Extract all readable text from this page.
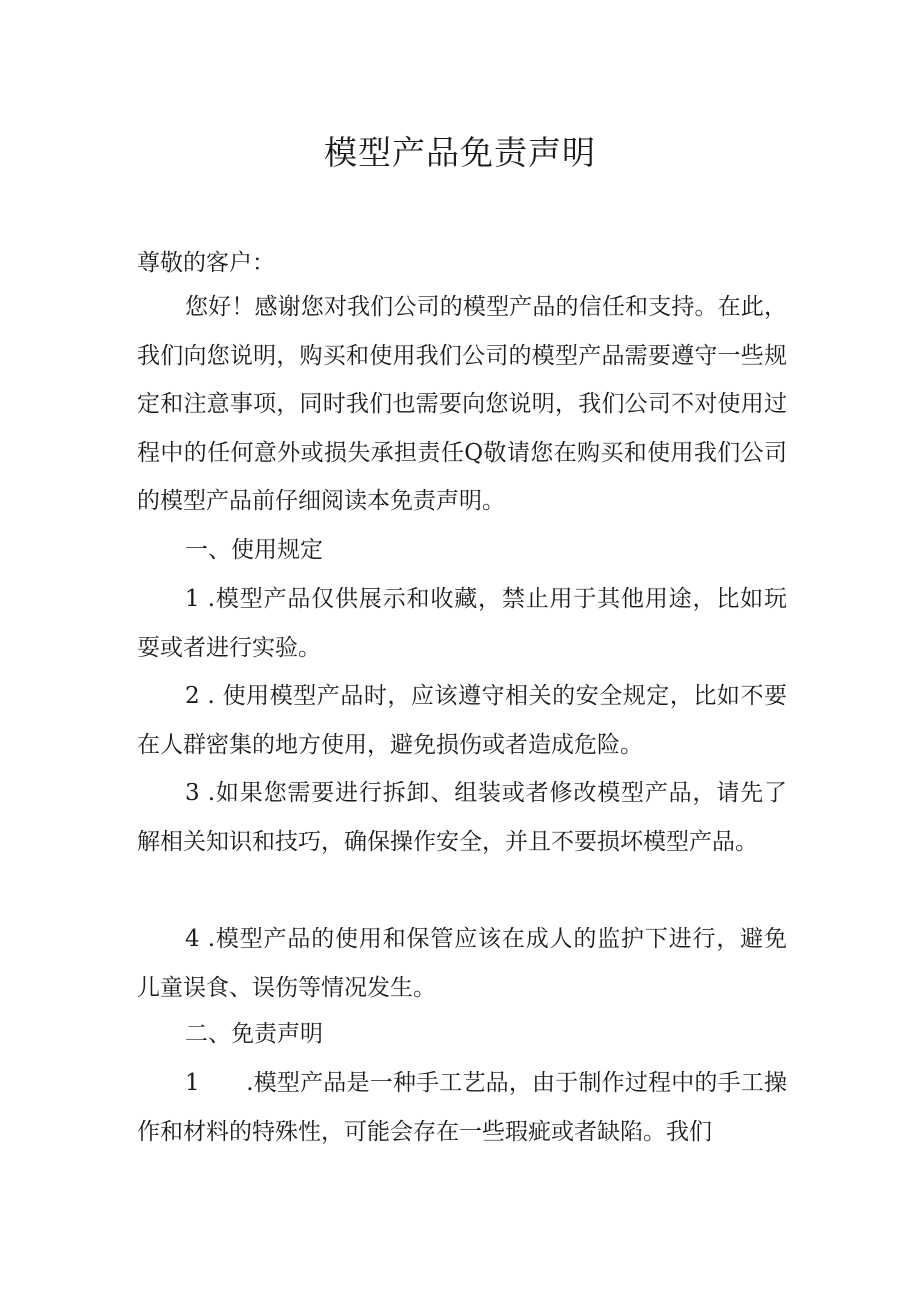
模型产品免责声明

尊敬的客户：

您好！感谢您对我们公司的模型产品的信任和支持。在此，我们向您说明，购买和使用我们公司的模型产品需要遵守一些规定和注意事项，同时我们也需要向您说明，我们公司不对使用过程中的任何意外或损失承担责任Q敬请您在购买和使用我们公司的模型产品前仔细阅读本免责声明。

一、使用规定

1 .模型产品仅供展示和收藏，禁止用于其他用途，比如玩耍或者进行实验。

2 . 使用模型产品时，应该遵守相关的安全规定，比如不要在人群密集的地方使用，避免损伤或者造成危险。

3 .如果您需要进行拆卸、组装或者修改模型产品，请先了解相关知识和技巧，确保操作安全，并且不要损坏模型产品。

4 .模型产品的使用和保管应该在成人的监护下进行，避免儿童误食、误伤等情况发生。

二、免责声明

1　　.模型产品是一种手工艺品，由于制作过程中的手工操作和材料的特殊性，可能会存在一些瑕疵或者缺陷。我们
